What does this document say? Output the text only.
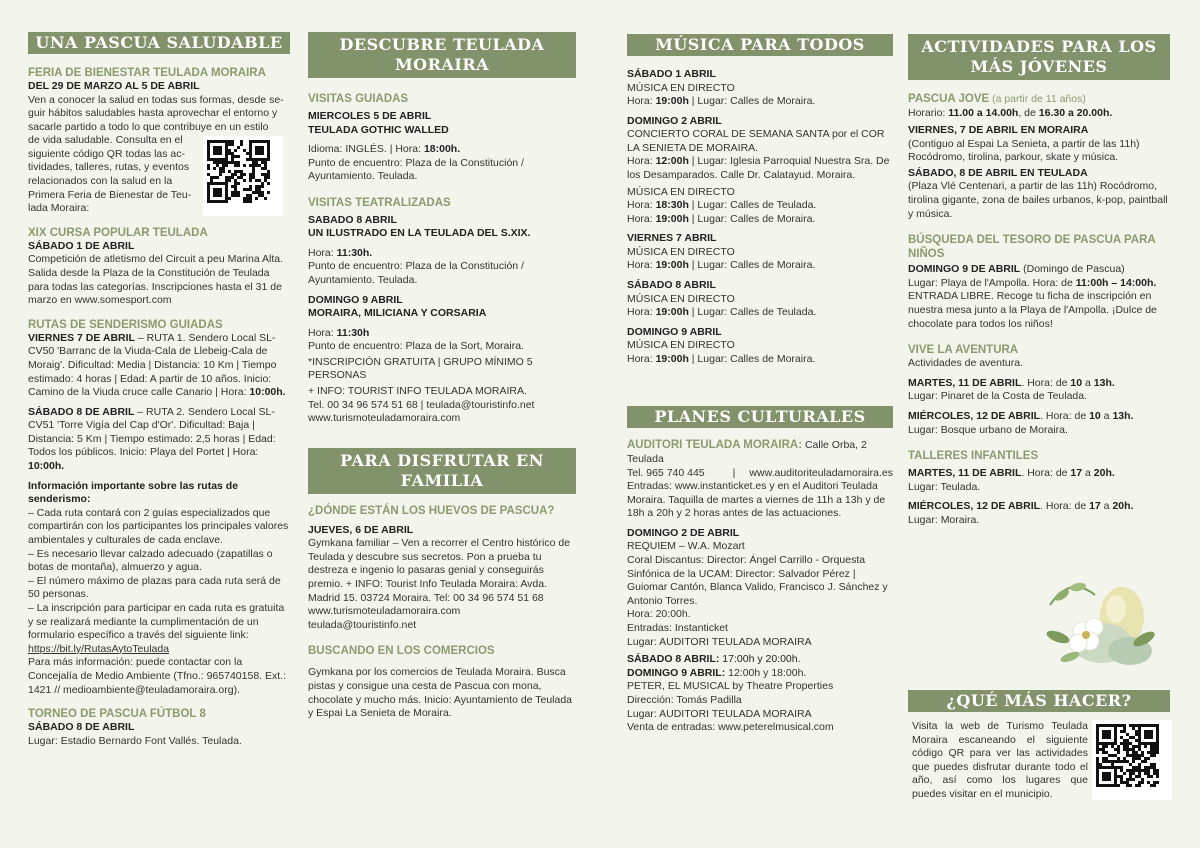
UNA PASCUA SALUDABLE
FERIA DE BIENESTAR TEULADA MORAIRA
DEL 29 DE MARZO AL 5 DE ABRIL
Ven a conocer la salud en todas sus formas, desde se-
guir hábitos saludables hasta aprovechar el entorno y
sacarle partido a todo lo que contribuye en un estilo
de vida saludable. Consulta en el
siguiente código QR todas las ac-
tividades, talleres, rutas, y eventos
relacionados con la salud en la
Primera Feria de Bienestar de Teu-
lada Moraira:
XIX CURSA POPULAR TEULADA
SÁBADO 1 DE ABRIL
Competición de atletismo del Circuit a peu Marina Alta. Salida desde la Plaza de la Constitución de Teulada para todas las categorías. Inscripciones hasta el 31 de marzo en www.somesport.com
RUTAS DE SENDERISMO GUIADAS
VIERNES 7 DE ABRIL – RUTA 1. Sendero Local SL-CV50 'Barranc de la Viuda-Cala de Llebeig-Cala de Moraig'. Dificultad: Media | Distancia: 10 Km | Tiempo estimado: 4 horas | Edad: A partir de 10 años. Inicio: Camino de la Viuda cruce calle Canario | Hora: 10:00h.
SÁBADO 8 DE ABRIL – RUTA 2. Sendero Local SL-CV51 'Torre Vigía del Cap d'Or'. Dificultad: Baja | Distancia: 5 Km | Tiempo estimado: 2,5 horas | Edad: Todos los públicos. Inicio: Playa del Portet | Hora: 10:00h.
Información importante sobre las rutas de senderismo:
– Cada ruta contará con 2 guías especializados que compartirán con los participantes los principales valores ambientales y culturales de cada enclave.
– Es necesario llevar calzado adecuado (zapatillas o botas de montaña), almuerzo y agua.
– El número máximo de plazas para cada ruta será de 50 personas.
– La inscripción para participar en cada ruta es gratuita y se realizará mediante la cumplimentación de un formulario específico a través del siguiente link: https://bit.ly/RutasAytoTeulada
Para más información: puede contactar con la Concejalía de Medio Ambiente (Tfno.: 965740158. Ext.: 1421 // medioambiente@teuladamoraira.org).
TORNEO DE PASCUA FÚTBOL 8
SÁBADO 8 DE ABRIL
Lugar: Estadio Bernardo Font Vallés. Teulada.
DESCUBRE TEULADA MORAIRA
VISITAS GUIADAS
MIERCOLES 5 DE ABRIL
TEULADA GOTHIC WALLED
Idioma: INGLÉS. | Hora: 18:00h.
Punto de encuentro: Plaza de la Constitución / Ayuntamiento. Teulada.
VISITAS TEATRALIZADAS
SABADO 8 ABRIL
UN ILUSTRADO EN LA TEULADA DEL S.XIX.
Hora: 11:30h.
Punto de encuentro: Plaza de la Constitución / Ayuntamiento. Teulada.
DOMINGO 9 ABRIL
MORAIRA, MILICIANA Y CORSARIA
Hora: 11:30h
Punto de encuentro: Plaza de la Sort, Moraira.
*INSCRIPCIÓN GRATUITA | GRUPO MÍNIMO 5 PERSONAS
+ INFO: TOURIST INFO TEULADA MORAIRA.
Tel. 00 34 96 574 51 68 | teulada@touristinfo.net
www.turismoteuladamoraira.com
PARA DISFRUTAR EN FAMILIA
¿DÓNDE ESTÁN LOS HUEVOS DE PASCUA?
JUEVES, 6 DE ABRIL
Gymkana familiar – Ven a recorrer el Centro histórico de Teulada y descubre sus secretos. Pon a prueba tu destreza e ingenio lo pasaras genial y conseguirás premio. + INFO: Tourist Info Teulada Moraira: Avda. Madrid 15. 03724 Moraira. Tel: 00 34 96 574 51 68
www.turismoteuladamoraira.com
teulada@touristinfo.net
BUSCANDO EN LOS COMERCIOS
Gymkana por los comercios de Teulada Moraira. Busca pistas y consigue una cesta de Pascua con mona, chocolate y mucho más. Inicio: Ayuntamiento de Teulada y Espai La Senieta de Moraira.
MÚSICA PARA TODOS
SÁBADO 1 ABRIL
MÚSICA EN DIRECTO
Hora: 19:00h | Lugar: Calles de Moraira.
DOMINGO 2 ABRIL
CONCIERTO CORAL DE SEMANA SANTA por el COR LA SENIETA DE MORAIRA.
Hora: 12:00h | Lugar: Iglesia Parroquial Nuestra Sra. De los Desamparados. Calle Dr. Calatayud. Moraira.
MÚSICA EN DIRECTO
Hora: 18:30h | Lugar: Calles de Teulada.
Hora: 19:00h | Lugar: Calles de Moraira.
VIERNES 7 ABRIL
MÚSICA EN DIRECTO
Hora: 19:00h | Lugar: Calles de Moraira.
SÁBADO 8 ABRIL
MÚSICA EN DIRECTO
Hora: 19:00h | Lugar: Calles de Teulada.
DOMINGO 9 ABRIL
MÚSICA EN DIRECTO
Hora: 19:00h | Lugar: Calles de Moraira.
PLANES CULTURALES
AUDITORI TEULADA MORAIRA: Calle Orba, 2 Teulada
Tel. 965 740 445	| www.auditoriteuladamoraira.es
Entradas: www.instanticket.es y en el Auditori Teulada Moraira. Taquilla de martes a viernes de 11h a 13h y de 18h a 20h y 2 horas antes de las actuaciones.
DOMINGO 2 DE ABRIL
REQUIEM – W.A. Mozart
Coral Discantus: Director: Ángel Carrillo - Orquesta Sinfónica de la UCAM: Director: Salvador Pérez | Guiomar Cantón, Blanca Valido, Francisco J. Sánchez y Antonio Torres.
Hora: 20:00h.
Entradas: Instanticket
Lugar: AUDITORI TEULADA MORAIRA
SÁBADO 8 ABRIL: 17:00h y 20:00h.
DOMINGO 9 ABRIL: 12:00h y 18:00h.
PETER, EL MUSICAL by Theatre Properties
Dirección: Tomás Padilla
Lugar: AUDITORI TEULADA MORAIRA
Venta de entradas: www.peterelmusical.com
ACTIVIDADES PARA LOS MÁS JÓVENES
PASCUA JOVE (a partir de 11 años)
Horario: 11.00 a 14.00h, de 16.30 a 20.00h.
VIERNES, 7 DE ABRIL EN MORAIRA
(Contiguo al Espai La Senieta, a partir de las 11h) Rocódromo, tirolina, parkour, skate y música.
SÁBADO, 8 DE ABRIL EN TEULADA
(Plaza Vlé Centenari, a partir de las 11h) Rocódromo, tirolina gigante, zona de bailes urbanos, k-pop, paintball y música.
BÚSQUEDA DEL TESORO DE PASCUA PARA NIÑOS
DOMINGO 9 DE ABRIL (Domingo de Pascua)
Lugar: Playa de l'Ampolla. Hora: de 11:00h – 14:00h.
ENTRADA LIBRE. Recoge tu ficha de inscripción en nuestra mesa junto a la Playa de l'Ampolla. ¡Dulce de chocolate para todos los niños!
VIVE LA AVENTURA
Actividades de aventura.
MARTES, 11 DE ABRIL. Hora: de 10 a 13h.
Lugar: Pinaret de la Costa de Teulada.
MIÉRCOLES, 12 DE ABRIL. Hora: de 10 a 13h.
Lugar: Bosque urbano de Moraira.
TALLERES INFANTILES
MARTES, 11 DE ABRIL. Hora: de 17 a 20h.
Lugar: Teulada.
MIÉRCOLES, 12 DE ABRIL. Hora: de 17 a 20h.
Lugar: Moraira.
¿QUÉ MÁS HACER?
Visita la web de Turismo Teulada Moraira escaneando el siguiente código QR para ver las actividades que puedes disfrutar durante todo el año, así como los lugares que puedes visitar en el municipio.
